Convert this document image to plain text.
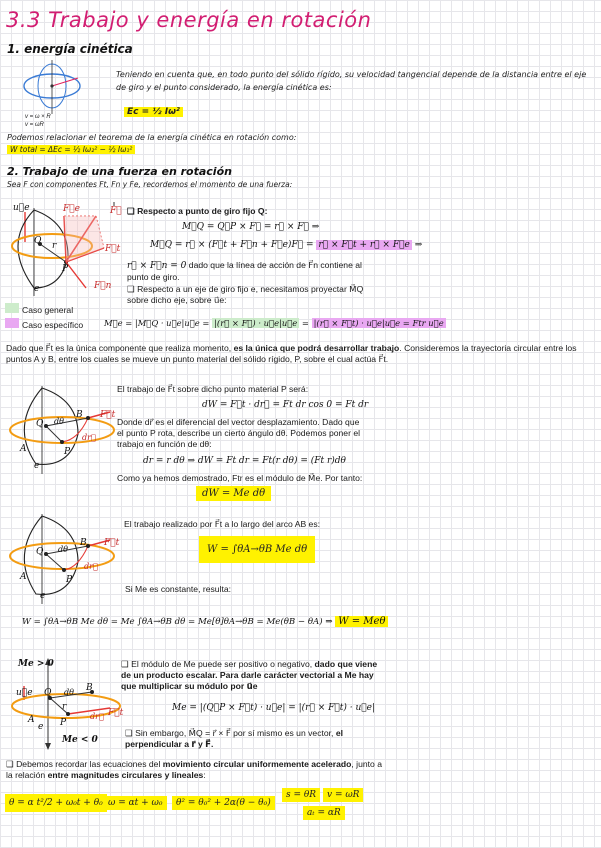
3.3 Trabajo y energía en rotación
1. energía cinética
v = ω × R
v = ωR
Teniendo en cuenta que, en todo punto del sólido rígido, su velocidad tangencial depende de la distancia entre el eje de giro y el punto considerado, la energía cinética es:
Ec = ½ Iω²
Podemos relacionar el teorema de la energía cinética en rotación como:
W total = ΔEc = ½ Iω₂² − ½ Iω₁²
2. Trabajo de una fuerza en rotación
Sea F con componentes Ft, Fn y Fe, recordemos el momento de una fuerza:
u⃗e	F⃗e	F⃗
F⃗t
F⃗n
Q r
P
e
❑ Respecto a punto de giro fijo Q:
M⃗Q = Q⃗P × F⃗ = r⃗ × F⃗ ⇒
M⃗Q = r⃗ × (F⃗t + F⃗n + F⃗e)F⃗ = r⃗ × F⃗t + r⃗ × F⃗e ⇒
r⃗ × F⃗n = 0 dado que la línea de acción de F⃗n contiene al punto de giro.
❑ Respecto a un eje de giro fijo e, necesitamos proyectar M⃗Q sobre dicho eje, sobre u⃗e:
Caso general
Caso específico M⃗e = |M⃗Q · u⃗e|u⃗e = |(r⃗ × F⃗) · u⃗e|u⃗e = |(r⃗ × F⃗t) · u⃗e|u⃗e = Ftr u⃗e
Dado que F⃗t es la única componente que realiza momento, es la única que podrá desarrollar trabajo. Consideremos la trayectoria circular entre los puntos A y B, entre los cuales se mueve un punto material del sólido rígido, P, sobre el cual actúa F⃗t.
Q dθ
B F⃗t
dr⃗
A	P
e
El trabajo de F⃗t sobre dicho punto material P será:
dW = F⃗t · dr⃗ = Ft dr cos 0 = Ft dr
Donde dr⃗ es el diferencial del vector desplazamiento. Dado que el punto P rota, describe un cierto ángulo dθ. Podemos poner el trabajo en función de dθ:
dr = r dθ ⇒ dW = Ft dr = Ft(r dθ) = (Ft r)dθ
Como ya hemos demostrado, Ftr es el módulo de M⃗e. Por tanto:
dW = Me dθ
Q dθ
B F⃗t
dr⃗
A	P
e
El trabajo realizado por F⃗t a lo largo del arco AB es:
W = ∫θA→θB Me dθ
Si Me es constante, resulta:
W = ∫θA→θB Me dθ = Me ∫θA→θB dθ = Me[θ]θA→θB = Me(θB − θA) ⇒ W = Meθ
Me > 0
u⃗e Q dθ B
r
F⃗t
dr⃗
A
e P
Me < 0
❑ El módulo de Me puede ser positivo o negativo, dado que viene de un producto escalar. Para darle carácter vectorial a Me hay que multiplicar su módulo por u⃗e
Me = |(Q⃗P × F⃗t) · u⃗e| = |(r⃗ × F⃗t) · u⃗e|
❑ Sin embargo, M⃗Q = r⃗ × F⃗ por sí mismo es un vector, el perpendicular a r⃗ y F⃗.
❑ Debemos recordar las ecuaciones del movimiento circular uniformemente acelerado, junto a la relación entre magnitudes circulares y lineales:
θ = α t²/2 + ω₀t + θ₀ ω = αt + ω₀	θ² = θ₀² + 2α(θ − θ₀)
s = θR	v = ωR
aₜ = αR
